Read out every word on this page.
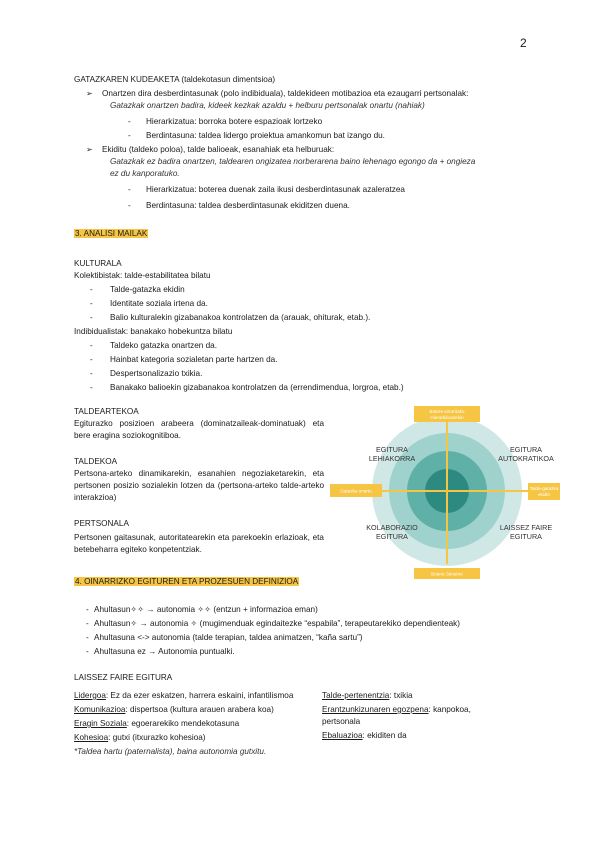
2
GATAZKAREN KUDEAKETA (taldekotasun dimentsioa)
➢ Onartzen dira desberdintasunak (polo indibiduala), taldekideen motibazioa eta ezaugarri pertsonalak:
Gatazkak onartzen badira, kideek kezkak azaldu + helburu pertsonalak onartu (nahiak)
- Hierarkizatua: borroka botere espazioak lortzeko
- Berdintasuna: taldea lidergo proiektua amankomun bat izango du.
➢ Ekiditu (taldeko poloa), talde balioeak, esanahiak eta helburuak:
Gatazkak ez badira onartzen, taldearen ongizatea norberarena baino lehenago egongo da + ongieza
ez du kanporatuko.
- Hierarkizatua: boterea duenak zaila ikusi desberdintasunak azaleratzea
- Berdintasuna: taldea desberdintasunak ekiditzen duena.
3. ANALISI MAILAK
KULTURALA
Kolektibistak: talde-estabilitatea bilatu
- Talde-gatazka ekidin
- Identitate soziala irtena da.
- Balio kulturalekin gizabanakoa kontrolatzen da (arauak, ohiturak, etab.).
Indibidualistak: banakako hobekuntza bilatu
- Taldeko gatazka onartzen da.
- Hainbat kategoria sozialetan parte hartzen da.
- Despertsonalizazio txikia.
- Banakako balioekin gizabanakoa kontrolatzen da (errendimendua, lorgroa, etab.)
TALDEARTEKOA
Egiturazko posizioen arabeera (dominatzaileak-dominatuak) eta bere eragina soziokognitiboa.
TALDEKOA
Pertsona-arteko dinamikarekin, esanahien negoziaketarekin, eta pertsonen posizio sozialekin lotzen da (pertsona-arteko talde-arteko interakzioa)
PERTSONALA
Pertsonen gaitasunak, autoritatearekin eta parekoekin erlazioak, eta betebeharra egiteko konpetentziak.
Botere ezorritako
Hierarkikoarekin
Botere Simetrie
Gatazka onartu	Talde-gatazka
ekidin
EGITURA
LEHIAKORRA
EGITURA
AUTOKRATIKOA
KOLABORAZIO
EGITURA
LAISSEZ FAIRE
EGITURA
4. OINARRIZKO EGITUREN ETA PROZESUEN DEFINIZIOA
- Ahultasun✧✧ → autonomia ✧✧ (entzun + informazioa eman)
- Ahultasun✧ → autonomia ✧ (mugimenduak egindaitezke “espabila”, terapeutarekiko dependienteak)
- Ahultasuna <-> autonomia (talde terapian, taldea animatzen, “kaña sartu”)
- Ahultasuna ez → Autonomia puntualki.
LAISSEZ FAIRE EGITURA
Lidergoa: Ez da ezer eskatzen, harrera eskaini, infantilismoa
Komunikazioa: dispertsoa (kultura arauen arabera koa)
Eragin Soziala: egoerarekiko mendekotasuna
Kohesioa: gutxi (itxurazko kohesioa)
Talde-pertenentzia: txikia
Erantzunkizunaren egozpena: kanpokoa,
pertsonala
Ebaluazioa: ekiditen da
*Taldea hartu (paternalista), baina autonomia gutxitu.
